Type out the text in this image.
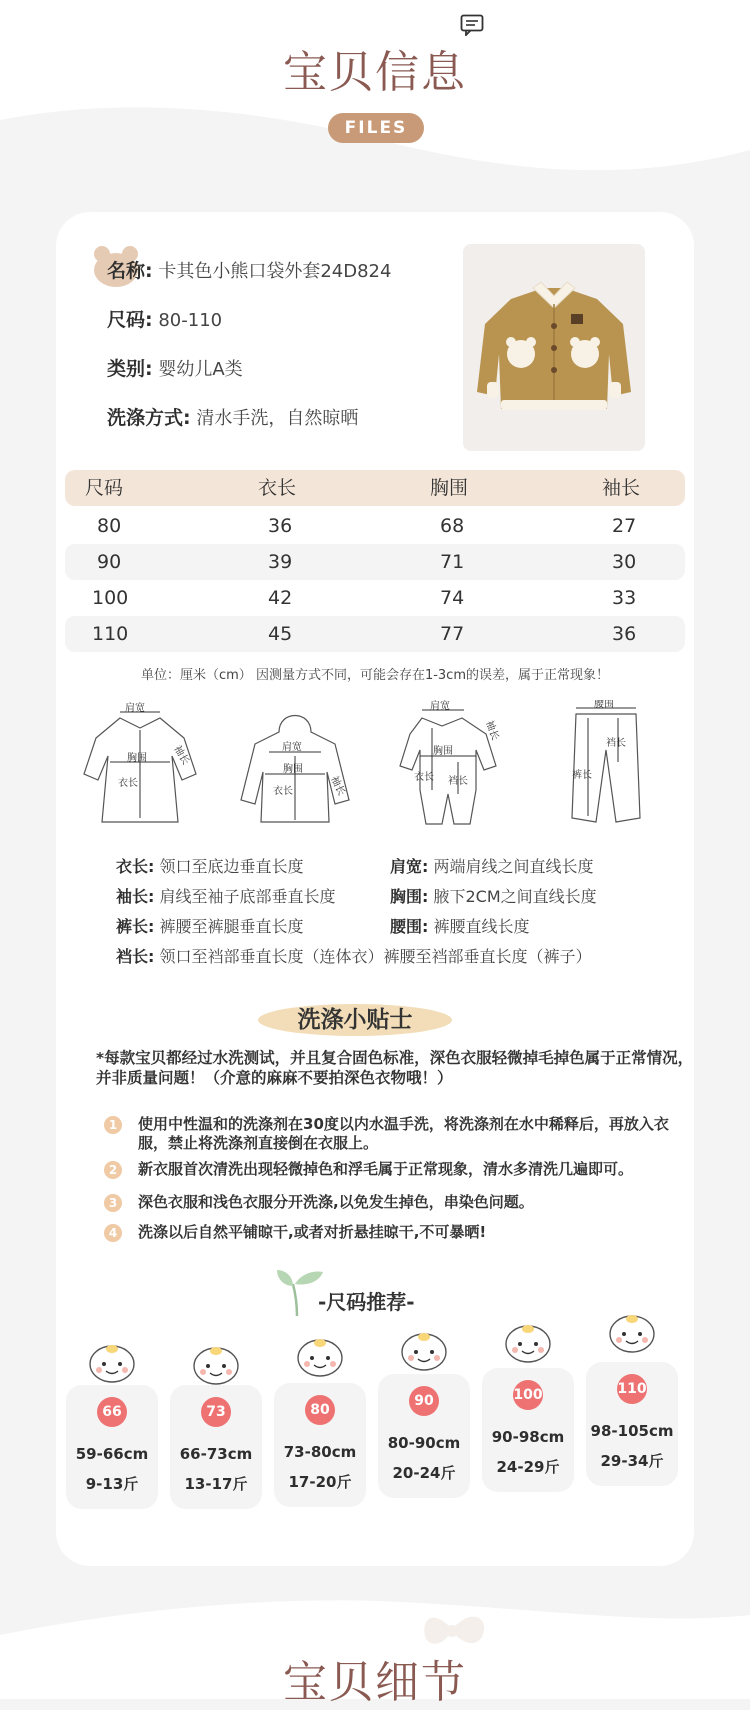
宝贝信息
FILES
名称: 卡其色小熊口袋外套24D824
尺码: 80-110
类别: 婴幼儿A类
洗涤方式: 清水手洗，自然晾晒
尺码	衣长	胸围	袖长
80	36	68	27
90	39	71	30
100	42	74	33
110	45	77	36
单位：厘米（cm） 因测量方式不同，可能会存在1-3cm的误差，属于正常现象！
肩宽
胸围
衣长
袖长	肩宽
胸围
衣长	袖长
肩宽
胸围
衣长 裆长
袖长
腰围
裤长
裆长
衣长: 领口至底边垂直长度	肩宽: 两端肩线之间直线长度
袖长: 肩线至袖子底部垂直长度	胸围: 腋下2CM之间直线长度
裤长: 裤腰至裤腿垂直长度	腰围: 裤腰直线长度
裆长: 领口至裆部垂直长度（连体衣）裤腰至裆部垂直长度（裤子）
洗涤小贴士
*每款宝贝都经过水洗测试，并且复合固色标准，深色衣服轻微掉毛掉色属于正常情况，并非质量问题！（介意的麻麻不要拍深色衣物哦！）
1	使用中性温和的洗涤剂在30度以内水温手洗，将洗涤剂在水中稀释后，再放入衣服，禁止将洗涤剂直接倒在衣服上。
2	新衣服首次清洗出现轻微掉色和浮毛属于正常现象，清水多清洗几遍即可。
3	深色衣服和浅色衣服分开洗涤,以免发生掉色，串染色问题。
4	洗涤以后自然平铺晾干,或者对折悬挂晾干,不可暴晒!
-尺码推荐-
66
59-66cm
9-13斤
73
66-73cm
13-17斤
80
73-80cm
17-20斤
90
80-90cm
20-24斤
100
90-98cm
24-29斤
110
98-105cm
29-34斤
宝贝细节
